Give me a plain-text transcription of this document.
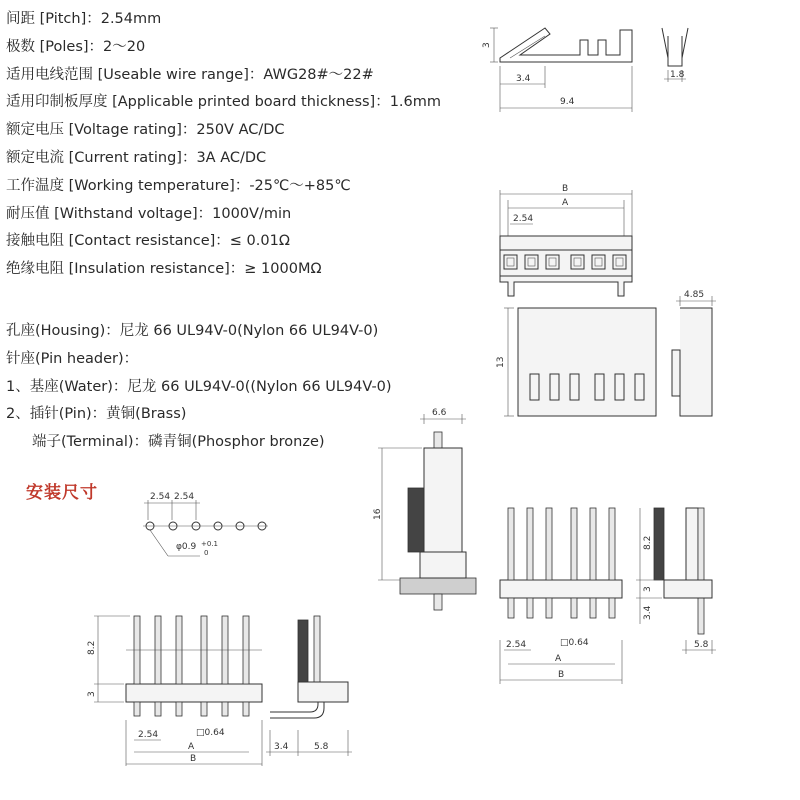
间距 [Pitch]：2.54mm
极数 [Poles]：2～20
适用电线范围 [Useable wire range]：AWG28#～22#
适用印制板厚度 [Applicable printed board thickness]：1.6mm
额定电压 [Voltage rating]：250V AC/DC
额定电流 [Current rating]：3A AC/DC
工作温度 [Working temperature]：-25℃～+85℃
耐压值 [Withstand voltage]：1000V/min
接触电阻 [Contact resistance]：≤ 0.01Ω
绝缘电阻 [Insulation resistance]：≥ 1000MΩ
孔座(Housing)：尼龙 66 UL94V-0(Nylon 66 UL94V-0)
针座(Pin header)：
1、基座(Water)：尼龙 66 UL94V-0((Nylon 66 UL94V-0)
2、插针(Pin)：黄铜(Brass)
端子(Terminal)：磷青铜(Phosphor bronze)
安装尺寸
3
3.4
9.4
1.8
B
A
2.54
13
4.85
6.6
16
2.54 2.54
φ0.9 +0.1
0
2.54	□0.64
A
B
8.2
3
3.4
5.8
8.2
3
2.54	□0.64
A
B
3.4	5.8
